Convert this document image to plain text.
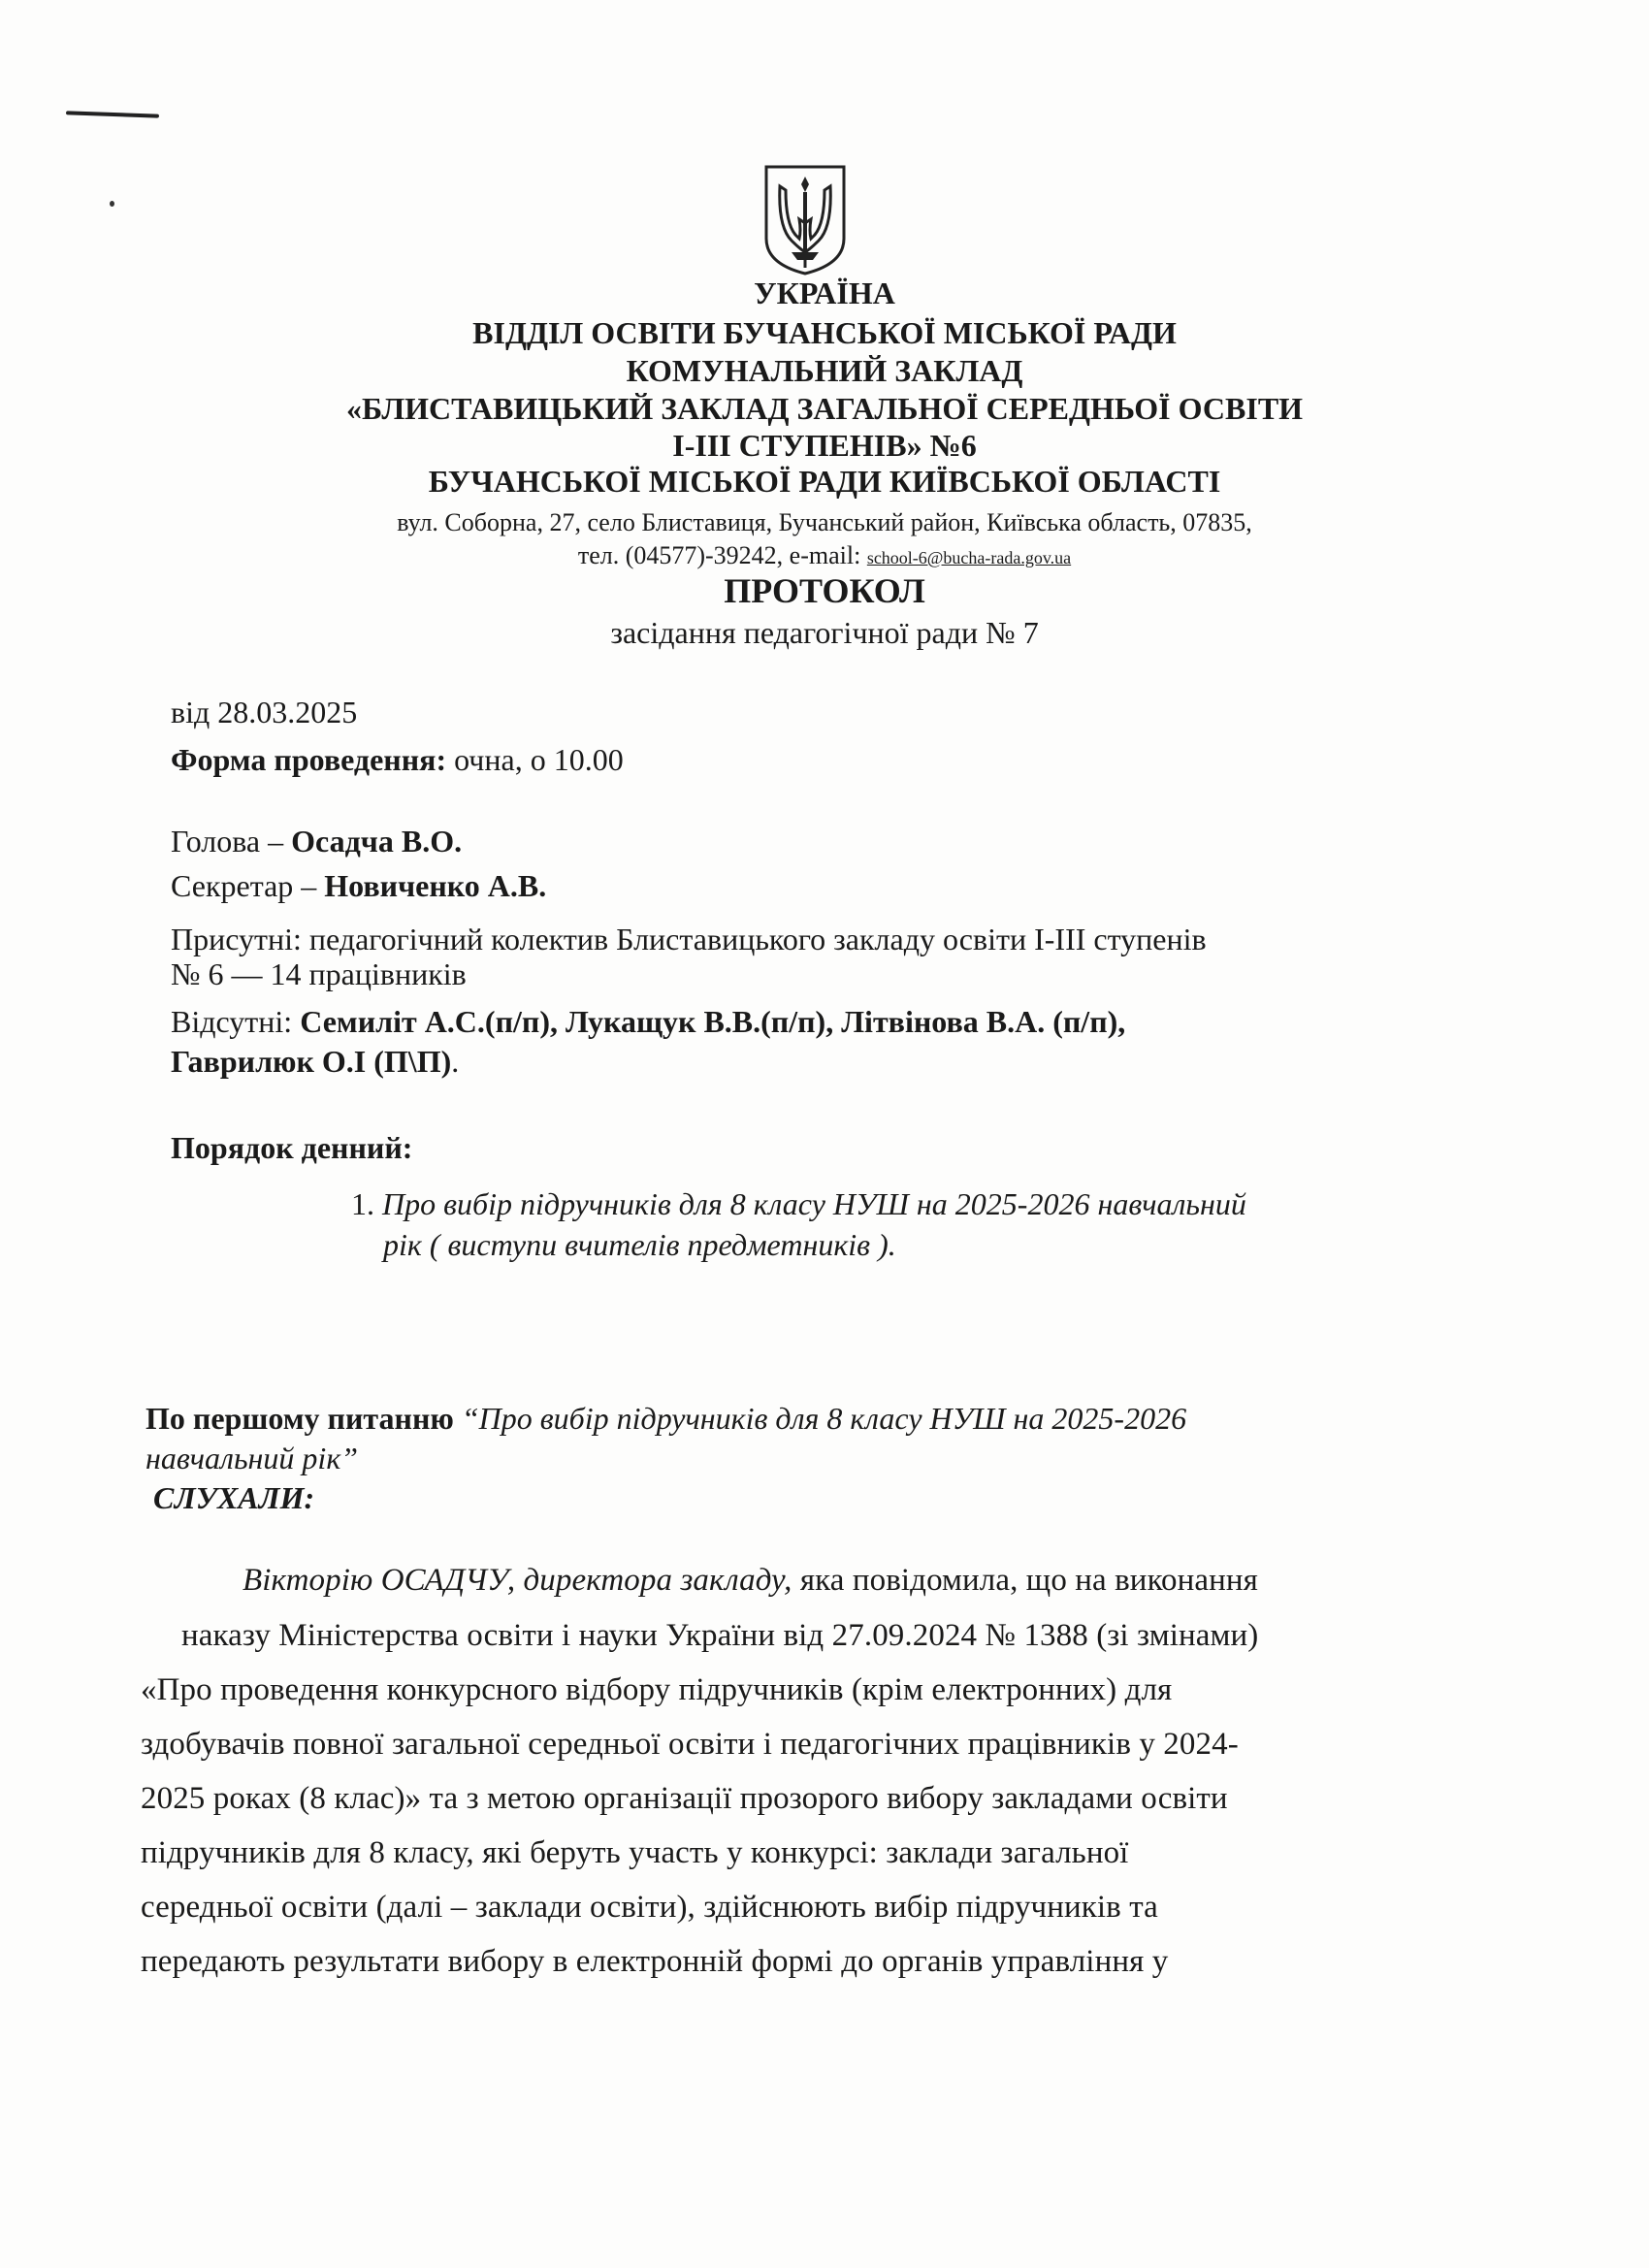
УКРАЇНА
ВІДДІЛ ОСВІТИ БУЧАНСЬКОЇ МІСЬКОЇ РАДИ
КОМУНАЛЬНИЙ ЗАКЛАД
«БЛИСТАВИЦЬКИЙ ЗАКЛАД ЗАГАЛЬНОЇ СЕРЕДНЬОЇ ОСВІТИ
І-ІІІ СТУПЕНІВ» №6
БУЧАНСЬКОЇ МІСЬКОЇ РАДИ КИЇВСЬКОЇ ОБЛАСТІ
вул. Соборна, 27, село Блиставиця, Бучанський район, Київська область, 07835,
тел. (04577)-39242, e-mail: school-6@bucha-rada.gov.ua
ПРОТОКОЛ
засідання педагогічної ради № 7
від 28.03.2025
Форма проведення: очна, о 10.00
Голова – Осадча В.О.
Секретар – Новиченко А.В.
Присутні: педагогічний колектив Блиставицького закладу освіти І-ІІІ ступенів
№ 6 — 14 працівників
Відсутні: Семиліт А.С.(п/п), Лукащук В.В.(п/п), Літвінова В.А. (п/п),
Гаврилюк О.І (П\П).
Порядок денний:
1. Про вибір підручників для 8 класу НУШ на 2025-2026 навчальний
рік ( виступи вчителів предметників ).
По першому питанню “Про вибір підручників для 8 класу НУШ на 2025-2026
навчальний рік”
СЛУХАЛИ:
Вікторію ОСАДЧУ, директора закладу, яка повідомила, що на виконання
наказу Міністерства освіти і науки України від 27.09.2024 № 1388 (зі змінами)
«Про проведення конкурсного відбору підручників (крім електронних) для
здобувачів повної загальної середньої освіти і педагогічних працівників у 2024-
2025 роках (8 клас)» та з метою організації прозорого вибору закладами освіти
підручників для 8 класу, які беруть участь у конкурсі: заклади загальної
середньої освіти (далі – заклади освіти), здійснюють вибір підручників та
передають результати вибору в електронній формі до органів управління у
